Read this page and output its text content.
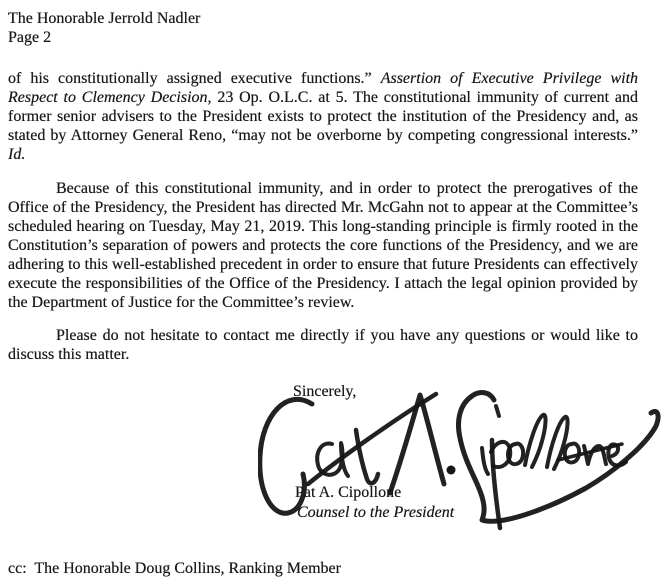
The Honorable Jerrold Nadler
Page 2
of his constitutionally assigned executive functions.” Assertion of Executive Privilege with
Respect to Clemency Decision, 23 Op. O.L.C. at 5. The constitutional immunity of current and
former senior advisers to the President exists to protect the institution of the Presidency and, as
stated by Attorney General Reno, “may not be overborne by competing congressional interests.”
Id.
Because of this constitutional immunity, and in order to protect the prerogatives of the
Office of the Presidency, the President has directed Mr. McGahn not to appear at the Committee’s
scheduled hearing on Tuesday, May 21, 2019. This long-standing principle is firmly rooted in the
Constitution’s separation of powers and protects the core functions of the Presidency, and we are
adhering to this well-established precedent in order to ensure that future Presidents can effectively
execute the responsibilities of the Office of the Presidency. I attach the legal opinion provided by
the Department of Justice for the Committee’s review.
Please do not hesitate to contact me directly if you have any questions or would like to
discuss this matter.
Sincerely,
Pat A. Cipollone
Counsel to the President
cc:  The Honorable Doug Collins, Ranking Member
